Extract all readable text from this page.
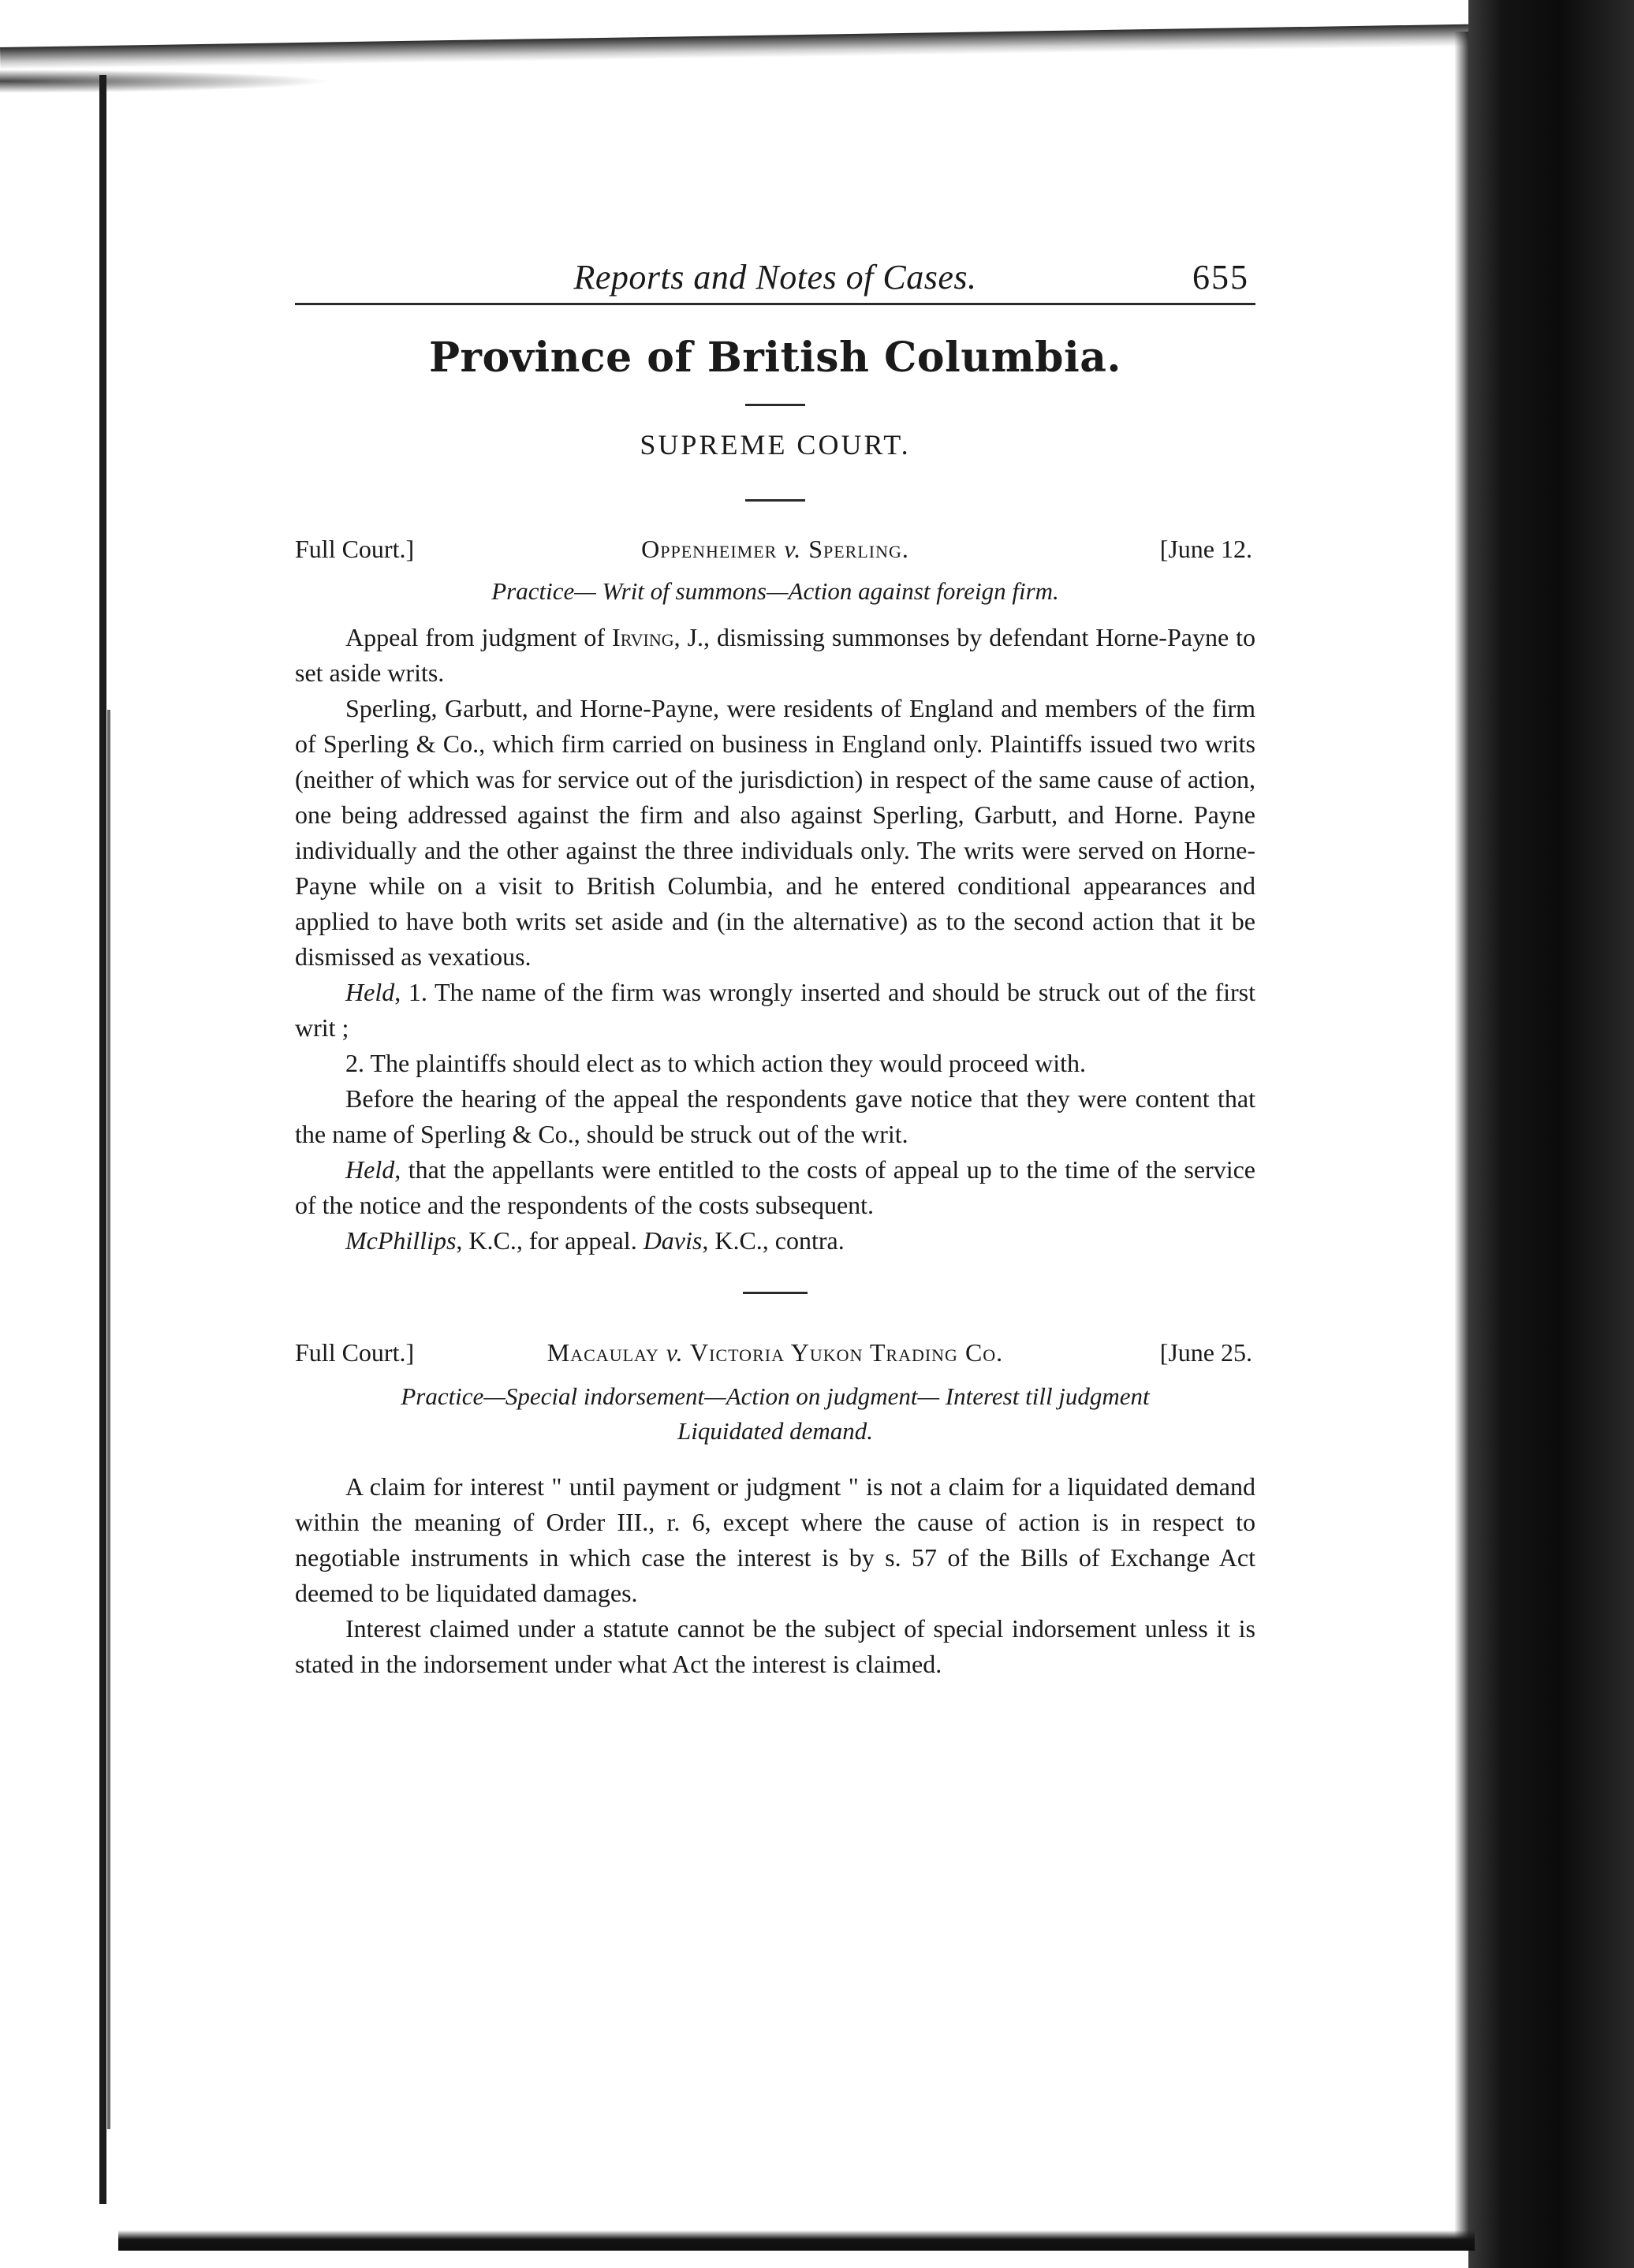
Reports and Notes of Cases.	655
Province of British Columbia.
SUPREME COURT.
Full Court.]	Oppenheimer v. Sperling.	[June 12.
Practice— Writ of summons—Action against foreign firm.

Appeal from judgment of Irving, J., dismissing summonses by defendant Horne-Payne to set aside writs.

Sperling, Garbutt, and Horne-Payne, were residents of England and members of the firm of Sperling & Co., which firm carried on business in England only. Plaintiffs issued two writs (neither of which was for service out of the jurisdiction) in respect of the same cause of action, one being addressed against the firm and also against Sperling, Garbutt, and Horne. Payne individually and the other against the three individuals only. The writs were served on Horne-Payne while on a visit to British Columbia, and he entered conditional appearances and applied to have both writs set aside and (in the alternative) as to the second action that it be dismissed as vexatious.

Held, 1. The name of the firm was wrongly inserted and should be struck out of the first writ ;

2. The plaintiffs should elect as to which action they would proceed with.

Before the hearing of the appeal the respondents gave notice that they were content that the name of Sperling & Co., should be struck out of the writ.

Held, that the appellants were entitled to the costs of appeal up to the time of the service of the notice and the respondents of the costs subsequent.

McPhillips, K.C., for appeal. Davis, K.C., contra.

Full Court.]	Macaulay v. Victoria Yukon Trading Co.	[June 25.
Practice—Special indorsement—Action on judgment— Interest till judgment
Liquidated demand.

A claim for interest " until payment or judgment " is not a claim for a liquidated demand within the meaning of Order III., r. 6, except where the cause of action is in respect to negotiable instruments in which case the interest is by s. 57 of the Bills of Exchange Act deemed to be liquidated damages.

Interest claimed under a statute cannot be the subject of special indorsement unless it is stated in the indorsement under what Act the interest is claimed.
